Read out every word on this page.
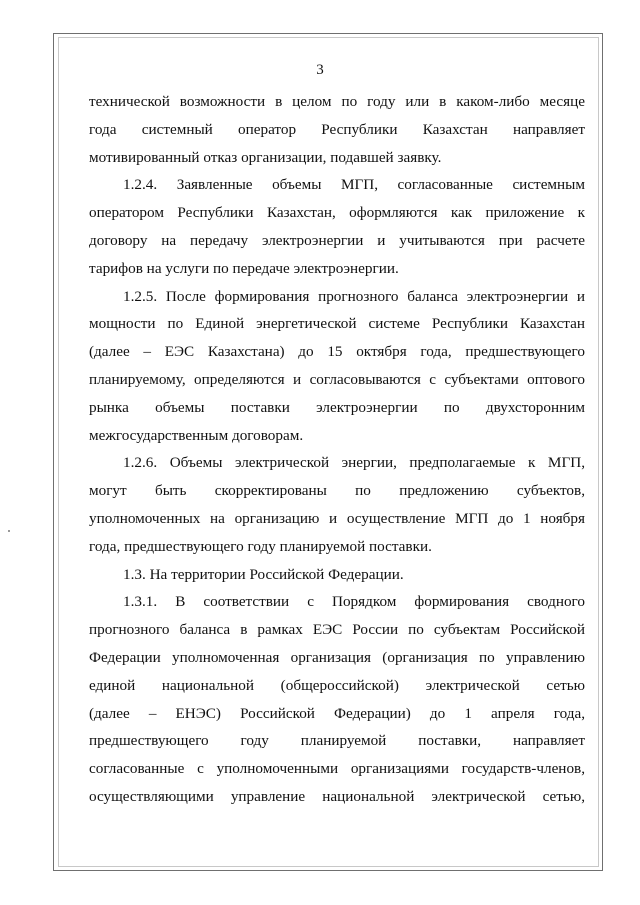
3
технической возможности в целом по году или в каком-либо месяце
года системный оператор Республики Казахстан направляет
мотивированный отказ организации, подавшей заявку.
1.2.4. Заявленные объемы МГП, согласованные системным
оператором Республики Казахстан, оформляются как приложение к
договору на передачу электроэнергии и учитываются при расчете
тарифов на услуги по передаче электроэнергии.
1.2.5. После формирования прогнозного баланса электроэнергии и
мощности по Единой энергетической системе Республики Казахстан
(далее – ЕЭС Казахстана) до 15 октября года, предшествующего
планируемому, определяются и согласовываются с субъектами оптового
рынка объемы поставки электроэнергии по двухсторонним
межгосударственным договорам.
1.2.6. Объемы электрической энергии, предполагаемые к МГП,
могут быть скорректированы по предложению субъектов,
уполномоченных на организацию и осуществление МГП до 1 ноября
года, предшествующего году планируемой поставки.
1.3. На территории Российской Федерации.
1.3.1. В соответствии с Порядком формирования сводного
прогнозного баланса в рамках ЕЭС России по субъектам Российской
Федерации уполномоченная организация (организация по управлению
единой национальной (общероссийской) электрической сетью
(далее – ЕНЭС) Российской Федерации) до 1 апреля года,
предшествующего году планируемой поставки, направляет
согласованные с уполномоченными организациями государств-членов,
осуществляющими управление национальной электрической сетью,
